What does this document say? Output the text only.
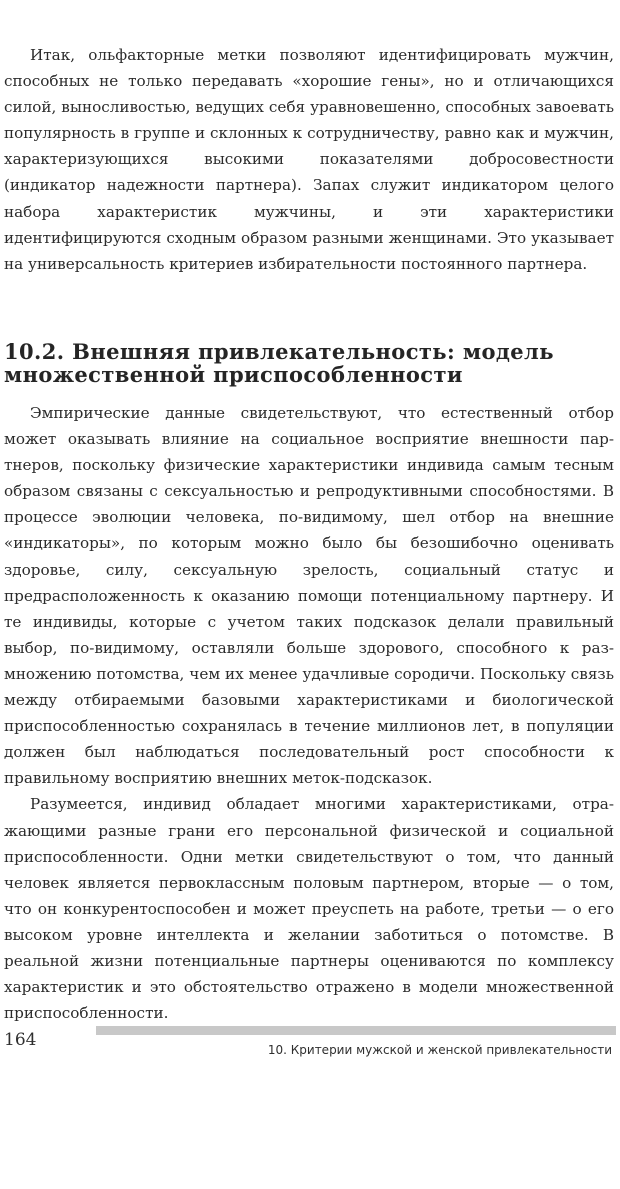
Итак, ольфакторные метки позволяют идентифицировать мужчин, способных не только передавать «хорошие гены», но и отличающихся силой, выносливостью, ведущих себя уравновешенно, способных завоевать популярность в группе и склонных к сотрудничеству, равно как и мужчин, характеризующихся высокими показателями добросовестности (индикатор надежности партнера). Запах служит индикатором целого набора характеристик мужчины, и эти характеристики идентифицируются сходным образом разными женщинами. Это указывает на универсальность критериев избирательности постоянного партнера.

10.2. Внешняя привлекательность: модель множественной приспособленности

Эмпирические данные свидетельствуют, что естественный отбор может оказывать влияние на социальное восприятие внешности партнеров, поскольку физические характеристики индивида самым тесным образом связаны с сексуальностью и репродуктивными способностями. В процессе эволюции человека, по-видимому, шел отбор на внешние «индикаторы», по которым можно было бы безошибочно оценивать здоровье, силу, сексуальную зрелость, социальный статус и предрасположенность к оказанию помощи потенциальному партнеру. И те индивиды, которые с учетом таких подсказок делали правильный выбор, по-видимому, оставляли больше здорового, способного к размножению потомства, чем их менее удачливые сородичи. Поскольку связь между отбираемыми базовыми характеристиками и биологической приспособленностью сохранялась в течение миллионов лет, в популяции должен был наблюдаться последовательный рост способности к правильному восприятию внешних меток-подсказок.

Разумеется, индивид обладает многими характеристиками, отражающими разные грани его персональной физической и социальной приспособленности. Одни метки свидетельствуют о том, что данный человек является первоклассным половым партнером, вторые — о том, что он конкурентоспособен и может преуспеть на работе, третьи — о его высоком уровне интеллекта и желании заботиться о потомстве. В реальной жизни потенциальные партнеры оцениваются по комплексу характеристик и это обстоятельство отражено в модели множественной приспособленности.

164	10. Критерии мужской и женской привлекательности
